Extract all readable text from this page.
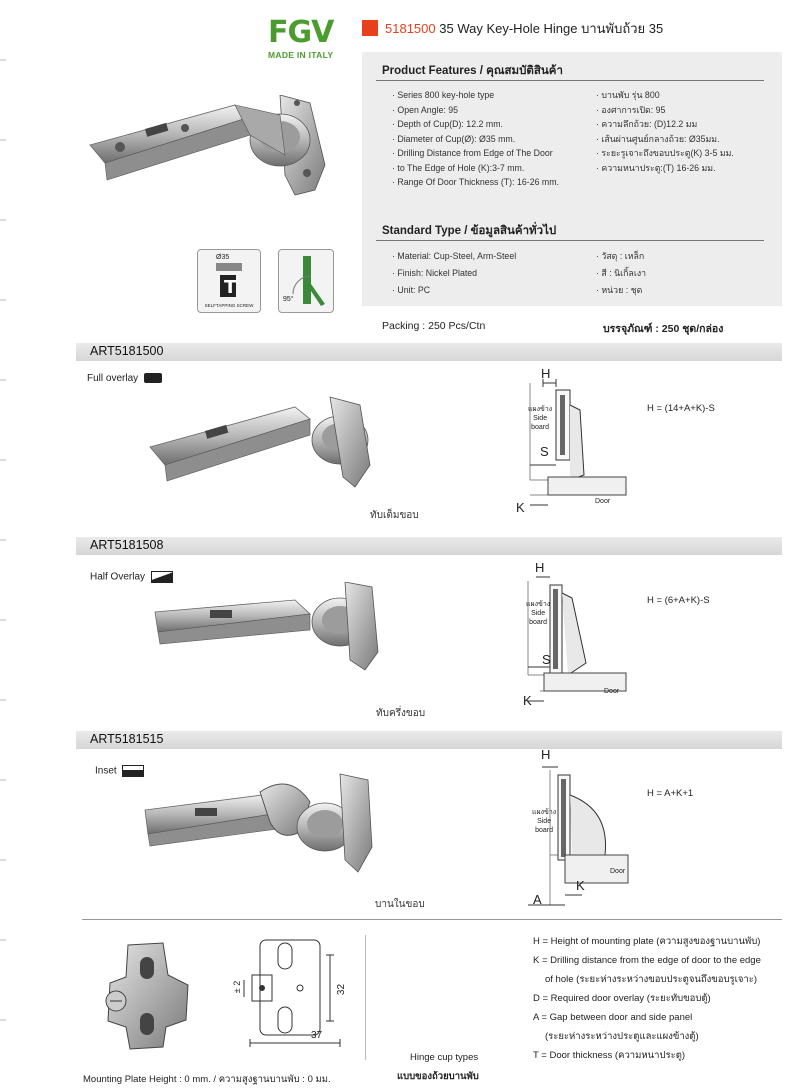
FGV
MADE IN ITALY
5181500 35 Way Key-Hole Hinge บานพับถ้วย 35
Ø35
T
SELFTAPPING SCREW
95°
Product Features / คุณสมบัติสินค้า
· Series 800 key-hole type
· Open Angle: 95
· Depth of Cup(D): 12.2 mm.
· Diameter of Cup(Ø): Ø35 mm.
· Drilling Distance from Edge of The Door
· to The Edge of Hole (K):3-7 mm.
· Range Of Door Thickness (T): 16-26 mm.
· บานพับ รุ่น 800
· องศาการเปิด: 95
· ความลึกถ้วย: (D)12.2 มม
· เส้นผ่านศูนย์กลางถ้วย: Ø35มม.
· ระยะรูเจาะถึงขอบประตู(K) 3-5 มม.
· ความหนาประตู:(T) 16-26 มม.
Standard Type / ข้อมูลสินค้าทั่วไป
· Material: Cup-Steel, Arm-Steel
· Finish: Nickel Plated
· Unit: PC
· วัสดุ : เหล็ก
· สี : นิเกิ้ลเงา
· หน่วย : ชุด
Packing : 250 Pcs/Ctn	บรรจุภัณฑ์ : 250 ชุด/กล่อง
ART5181500
Full overlay
ทับเต็มขอบ
H
แผงข้าง
Side
board
S
K	Door
H = (14+A+K)-S
ART5181508
Half Overlay
ทับครึ่งขอบ
H
แผงข้าง
Side
board
S
K
Door
H = (6+A+K)-S
ART5181515
Inset
บานในขอบ
H
แผงข้าง
Side
board
K
A
Door
H = A+K+1
± 2	32
37
Mounting Plate Height : 0 mm. / ความสูงฐานบานพับ : 0 มม.
Hinge cup types
แบบของถ้วยบานพับ
H = Height of mounting plate (ความสูงของฐานบานพับ)
K = Drilling distance from the edge of door to the edge
of hole (ระยะห่างระหว่างขอบประตูจนถึงขอบรูเจาะ)
D = Required door overlay (ระยะทับขอบตู้)
A = Gap between door and side panel
(ระยะห่างระหว่างประตูและแผงข้างตู้)
T = Door thickness (ความหนาประตู)
